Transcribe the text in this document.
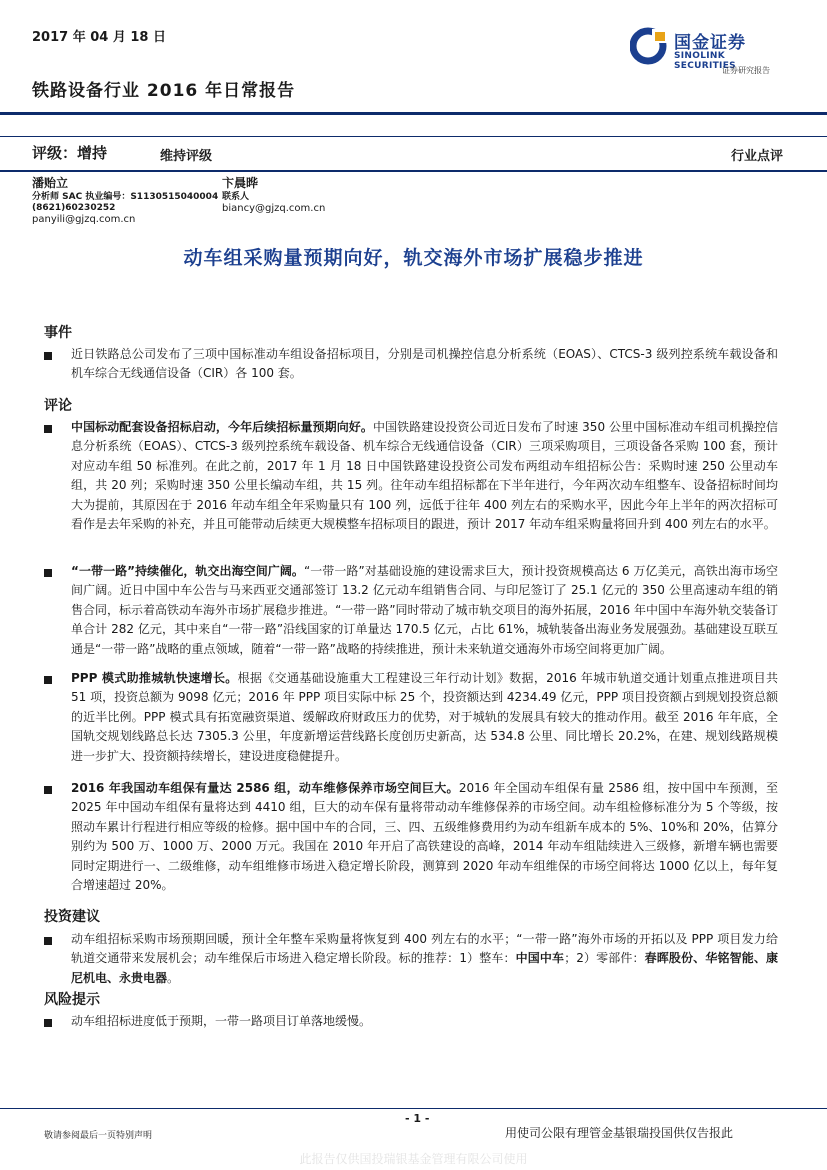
2017 年 04 月 18 日
铁路设备行业 2016 年日常报告
国金证券
SINOLINK SECURITIES
证券研究报告
评级：增持	维持评级	行业点评
潘贻立
分析师 SAC 执业编号：S1130515040004
(8621)60230252
panyili@gjzq.com.cn
卞晨晔
联系人
biancy@gjzq.com.cn
动车组采购量预期向好，轨交海外市场扩展稳步推进
事件
近日铁路总公司发布了三项中国标准动车组设备招标项目，分别是司机操控信息分析系统（EOAS）、CTCS-3 级列控系统车载设备和机车综合无线通信设备（CIR）各 100 套。
评论
中国标动配套设备招标启动，今年后续招标量预期向好。中国铁路建设投资公司近日发布了时速 350 公里中国标准动车组司机操控信息分析系统（EOAS）、CTCS-3 级列控系统车载设备、机车综合无线通信设备（CIR）三项采购项目，三项设备各采购 100 套，预计对应动车组 50 标准列。在此之前，2017 年 1 月 18 日中国铁路建设投资公司发布两组动车组招标公告：采购时速 250 公里动车组，共 20 列；采购时速 350 公里长编动车组，共 15 列。往年动车组招标都在下半年进行，今年两次动车组整车、设备招标时间均大为提前，其原因在于 2016 年动车组全年采购量只有 100 列，远低于往年 400 列左右的采购水平，因此今年上半年的两次招标可看作是去年采购的补充，并且可能带动后续更大规模整车招标项目的跟进，预计 2017 年动车组采购量将回升到 400 列左右的水平。
“一带一路”持续催化，轨交出海空间广阔。“一带一路”对基础设施的建设需求巨大，预计投资规模高达 6 万亿美元，高铁出海市场空间广阔。近日中国中车公告与马来西亚交通部签订 13.2 亿元动车组销售合同、与印尼签订了 25.1 亿元的 350 公里高速动车组的销售合同，标示着高铁动车海外市场扩展稳步推进。“一带一路”同时带动了城市轨交项目的海外拓展，2016 年中国中车海外轨交装备订单合计 282 亿元，其中来自“一带一路”沿线国家的订单量达 170.5 亿元，占比 61%，城轨装备出海业务发展强劲。基础建设互联互通是“一带一路”战略的重点领域，随着“一带一路”战略的持续推进，预计未来轨道交通海外市场空间将更加广阔。
PPP 模式助推城轨快速增长。根据《交通基础设施重大工程建设三年行动计划》数据，2016 年城市轨道交通计划重点推进项目共 51 项，投资总额为 9098 亿元；2016 年 PPP 项目实际中标 25 个，投资额达到 4234.49 亿元，PPP 项目投资额占到规划投资总额的近半比例。PPP 模式具有拓宽融资渠道、缓解政府财政压力的优势，对于城轨的发展具有较大的推动作用。截至 2016 年年底，全国轨交规划线路总长达 7305.3 公里，年度新增运营线路长度创历史新高，达 534.8 公里、同比增长 20.2%，在建、规划线路规模进一步扩大、投资额持续增长，建设进度稳健提升。
2016 年我国动车组保有量达 2586 组，动车维修保养市场空间巨大。2016 年全国动车组保有量 2586 组，按中国中车预测，至 2025 年中国动车组保有量将达到 4410 组，巨大的动车保有量将带动动车维修保养的市场空间。动车组检修标准分为 5 个等级，按照动车累计行程进行相应等级的检修。据中国中车的合同，三、四、五级维修费用约为动车组新车成本的 5%、10%和 20%，估算分别约为 500 万、1000 万、2000 万元。我国在 2010 年开启了高铁建设的高峰，2014 年动车组陆续进入三级修，新增车辆也需要同时定期进行一、二级维修，动车组维修市场进入稳定增长阶段，测算到 2020 年动车组维保的市场空间将达 1000 亿以上，每年复合增速超过 20%。
投资建议
动车组招标采购市场预期回暖，预计全年整车采购量将恢复到 400 列左右的水平；“一带一路”海外市场的开拓以及 PPP 项目发力给轨道交通带来发展机会；动车维保后市场进入稳定增长阶段。标的推荐：1）整车：中国中车；2）零部件：春晖股份、华铭智能、康尼机电、永贵电器。
风险提示
动车组招标进度低于预期，一带一路项目订单落地缓慢。
- 1 -
敬请参阅最后一页特别声明	用使司公限有理管金基银瑞投国供仅告报此
此报告仅供国投瑞银基金管理有限公司使用
